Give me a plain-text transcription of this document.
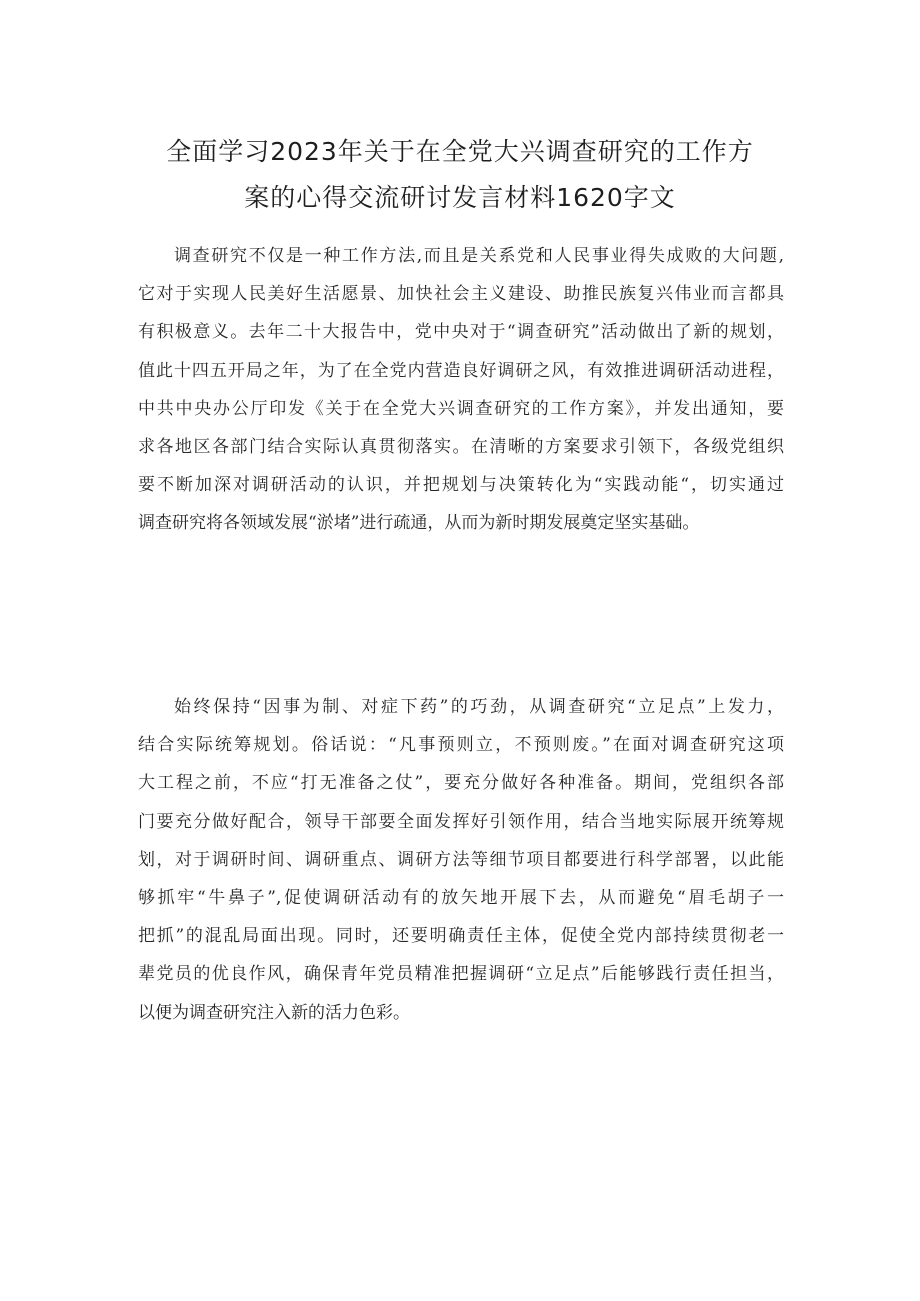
全面学习2023年关于在全党大兴调查研究的工作方
案的心得交流研讨发言材料1620字文
调查研究不仅是一种工作方法,而且是关系党和人民事业得失成败的大问题,
它对于实现人民美好生活愿景、加快社会主义建设、助推民族复兴伟业而言都具
有积极意义。去年二十大报告中，党中央对于“调查研究”活动做出了新的规划，
值此十四五开局之年，为了在全党内营造良好调研之风，有效推进调研活动进程，
中共中央办公厅印发《关于在全党大兴调查研究的工作方案》，并发出通知，要
求各地区各部门结合实际认真贯彻落实。在清晰的方案要求引领下，各级党组织
要不断加深对调研活动的认识，并把规划与决策转化为“实践动能“，切实通过
调查研究将各领域发展“淤堵”进行疏通，从而为新时期发展奠定坚实基础。
始终保持“因事为制、对症下药”的巧劲，从调查研究“立足点”上发力，
结合实际统筹规划。俗话说：“凡事预则立，不预则废。”在面对调查研究这项
大工程之前，不应“打无准备之仗”，要充分做好各种准备。期间，党组织各部
门要充分做好配合，领导干部要全面发挥好引领作用，结合当地实际展开统筹规
划，对于调研时间、调研重点、调研方法等细节项目都要进行科学部署，以此能
够抓牢“牛鼻子”,促使调研活动有的放矢地开展下去，从而避免“眉毛胡子一
把抓”的混乱局面出现。同时，还要明确责任主体，促使全党内部持续贯彻老一
辈党员的优良作风，确保青年党员精准把握调研“立足点”后能够践行责任担当，
以便为调查研究注入新的活力色彩。
